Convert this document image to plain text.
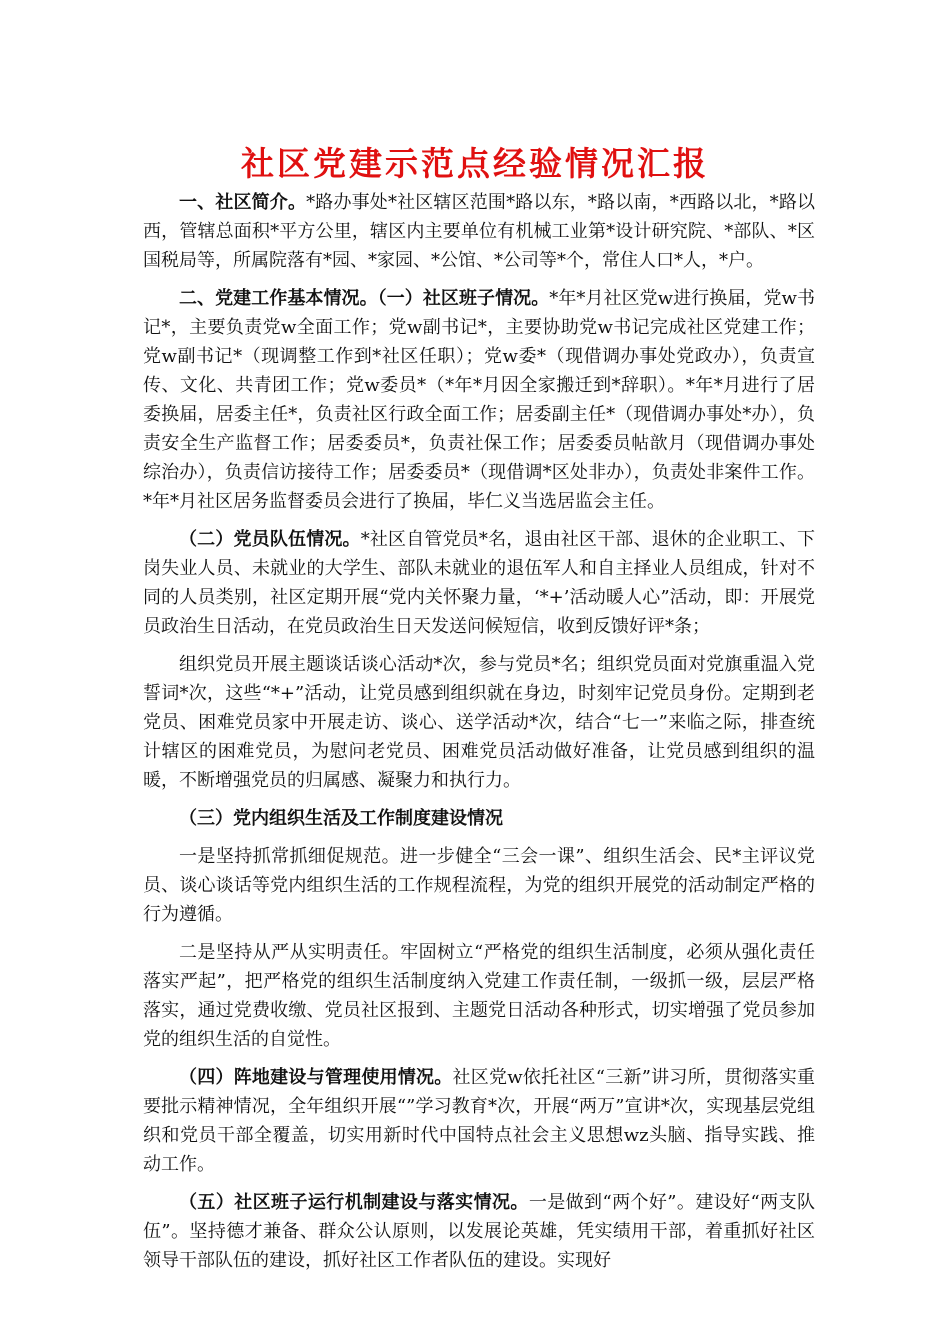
社区党建示范点经验情况汇报

一、社区简介。*路办事处*社区辖区范围*路以东，*路以南，*西路以北，*路以西，管辖总面积*平方公里，辖区内主要单位有机械工业第*设计研究院、*部队、*区国税局等，所属院落有*园、*家园、*公馆、*公司等*个，常住人口*人，*户。

二、党建工作基本情况。（一）社区班子情况。*年*月社区党w进行换届，党w书记*，主要负责党w全面工作；党w副书记*，主要协助党w书记完成社区党建工作；党w副书记*（现调整工作到*社区任职）；党w委*（现借调办事处党政办），负责宣传、文化、共青团工作；党w委员*（*年*月因全家搬迁到*辞职）。*年*月进行了居委换届，居委主任*，负责社区行政全面工作；居委副主任*（现借调办事处*办），负责安全生产监督工作；居委委员*，负责社保工作；居委委员帖歆月（现借调办事处综治办），负责信访接待工作；居委委员*（现借调*区处非办），负责处非案件工作。*年*月社区居务监督委员会进行了换届，毕仁义当选居监会主任。

（二）党员队伍情况。*社区自管党员*名，退由社区干部、退休的企业职工、下岗失业人员、未就业的大学生、部队未就业的退伍军人和自主择业人员组成，针对不同的人员类别，社区定期开展“党内关怀聚力量，‘*+’活动暖人心”活动，即：开展党员政治生日活动，在党员政治生日天发送问候短信，收到反馈好评*条；

组织党员开展主题谈话谈心活动*次，参与党员*名；组织党员面对党旗重温入党誓词*次，这些“*+”活动，让党员感到组织就在身边，时刻牢记党员身份。定期到老党员、困难党员家中开展走访、谈心、送学活动*次，结合“七一”来临之际，排查统计辖区的困难党员，为慰问老党员、困难党员活动做好准备，让党员感到组织的温暖，不断增强党员的归属感、凝聚力和执行力。

（三）党内组织生活及工作制度建设情况

一是坚持抓常抓细促规范。进一步健全“三会一课”、组织生活会、民*主评议党员、谈心谈话等党内组织生活的工作规程流程，为党的组织开展党的活动制定严格的行为遵循。

二是坚持从严从实明责任。牢固树立“严格党的组织生活制度，必须从强化责任落实严起”，把严格党的组织生活制度纳入党建工作责任制，一级抓一级，层层严格落实，通过党费收缴、党员社区报到、主题党日活动各种形式，切实增强了党员参加党的组织生活的自觉性。

（四）阵地建设与管理使用情况。社区党w依托社区“三新”讲习所，贯彻落实重要批示精神情况，全年组织开展“”学习教育*次，开展“两万”宣讲*次，实现基层党组织和党员干部全覆盖，切实用新时代中国特点社会主义思想wz头脑、指导实践、推动工作。

（五）社区班子运行机制建设与落实情况。一是做到“两个好”。建设好“两支队伍”。坚持德才兼备、群众公认原则，以发展论英雄，凭实绩用干部，着重抓好社区领导干部队伍的建设，抓好社区工作者队伍的建设。实现好
